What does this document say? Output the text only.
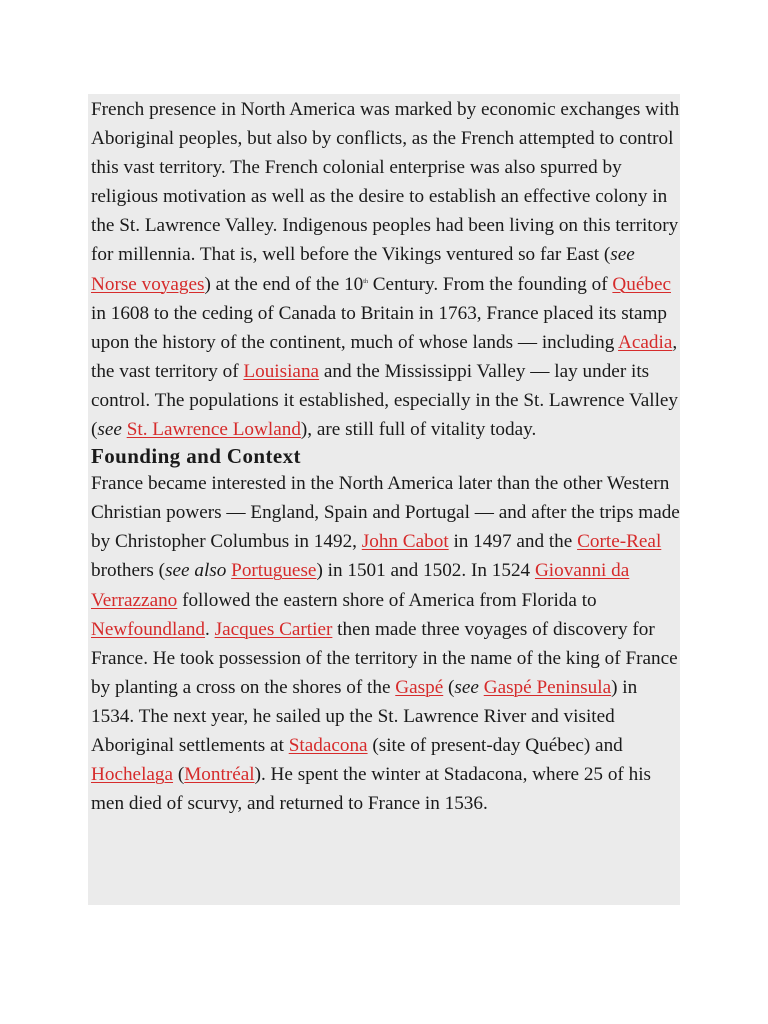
French presence in North America was marked by economic exchanges with Aboriginal peoples, but also by conflicts, as the French attempted to control this vast territory. The French colonial enterprise was also spurred by religious motivation as well as the desire to establish an effective colony in the St. Lawrence Valley. Indigenous peoples had been living on this territory for millennia. That is, well before the Vikings ventured so far East (see Norse voyages) at the end of the 10th Century. From the founding of Québec in 1608 to the ceding of Canada to Britain in 1763, France placed its stamp upon the history of the continent, much of whose lands — including Acadia, the vast territory of Louisiana and the Mississippi Valley — lay under its control. The populations it established, especially in the St. Lawrence Valley (see St. Lawrence Lowland), are still full of vitality today.

Founding and Context

France became interested in the North America later than the other Western Christian powers — England, Spain and Portugal — and after the trips made by Christopher Columbus in 1492, John Cabot in 1497 and the Corte-Real brothers (see also Portuguese) in 1501 and 1502. In 1524 Giovanni da Verrazzano followed the eastern shore of America from Florida to Newfoundland. Jacques Cartier then made three voyages of discovery for France. He took possession of the territory in the name of the king of France by planting a cross on the shores of the Gaspé (see Gaspé Peninsula) in 1534. The next year, he sailed up the St. Lawrence River and visited Aboriginal settlements at Stadacona (site of present-day Québec) and Hochelaga (Montréal). He spent the winter at Stadacona, where 25 of his men died of scurvy, and returned to France in 1536.
